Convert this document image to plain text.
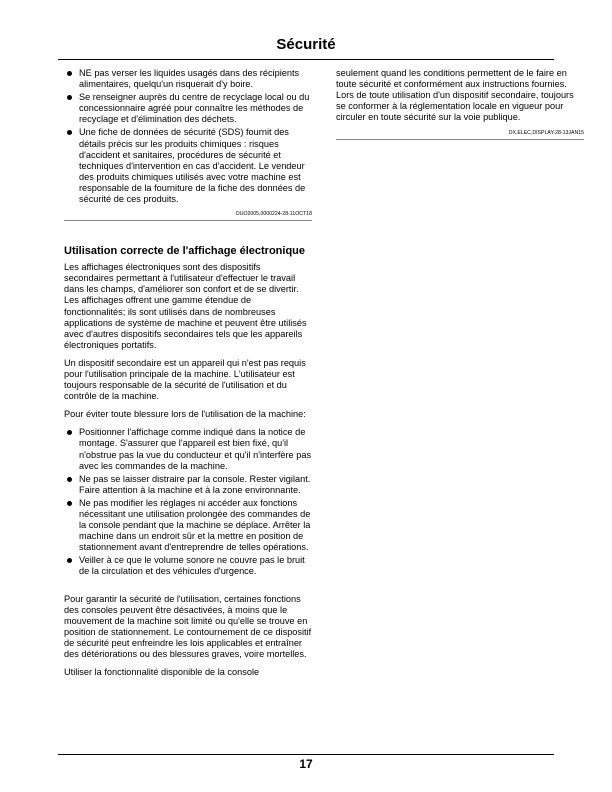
Sécurité
NE pas verser les liquides usagés dans des récipients alimentaires, quelqu'un risquerait d'y boire.
Se renseigner auprès du centre de recyclage local ou du concessionnaire agréé pour connaître les méthodes de recyclage et d'élimination des déchets.
Une fiche de données de sécurité (SDS) fournit des détails précis sur les produits chimiques : risques d'accident et sanitaires, procédures de sécurité et techniques d'intervention en cas d'accident. Le vendeur des produits chimiques utilisés avec votre machine est responsable de la fourniture de la fiche des données de sécurité de ces produits.
OUO2005,0000224-28-11OCT18
Utilisation correcte de l'affichage électronique

Les affichages électroniques sont des dispositifs secondaires permettant à l'utilisateur d'effectuer le travail dans les champs, d'améliorer son confort et de se divertir. Les affichages offrent une gamme étendue de fonctionnalités; ils sont utilisés dans de nombreuses applications de système de machine et peuvent être utilisés avec d'autres dispositifs secondaires tels que les appareils électroniques portatifs.

Un dispositif secondaire est un appareil qui n'est pas requis pour l'utilisation principale de la machine. L'utilisateur est toujours responsable de la sécurité de l'utilisation et du contrôle de la machine.

Pour éviter toute blessure lors de l'utilisation de la machine:

Positionner l'affichage comme indiqué dans la notice de montage. S'assurer que l'appareil est bien fixé, qu'il n'obstrue pas la vue du conducteur et qu'il n'interfère pas avec les commandes de la machine.
Ne pas se laisser distraire par la console. Rester vigilant. Faire attention à la machine et à la zone environnante.
Ne pas modifier les réglages ni accéder aux fonctions nécessitant une utilisation prolongée des commandes de la console pendant que la machine se déplace. Arrêter la machine dans un endroit sûr et la mettre en position de stationnement avant d'entreprendre de telles opérations.
Veiller à ce que le volume sonore ne couvre pas le bruit de la circulation et des véhicules d'urgence.

Pour garantir la sécurité de l'utilisation, certaines fonctions des consoles peuvent être désactivées, à moins que le mouvement de la machine soit limité ou qu'elle se trouve en position de stationnement. Le contournement de ce dispositif de sécurité peut enfreindre les lois applicables et entraîner des détériorations ou des blessures graves, voire mortelles.

Utiliser la fonctionnalité disponible de la console

seulement quand les conditions permettent de le faire en toute sécurité et conformément aux instructions fournies. Lors de toute utilisation d'un dispositif secondaire, toujours se conformer à la réglementation locale en vigueur pour circuler en toute sécurité sur la voie publique.

DX,ELEC,DISPLAY-28-13JAN15
17
